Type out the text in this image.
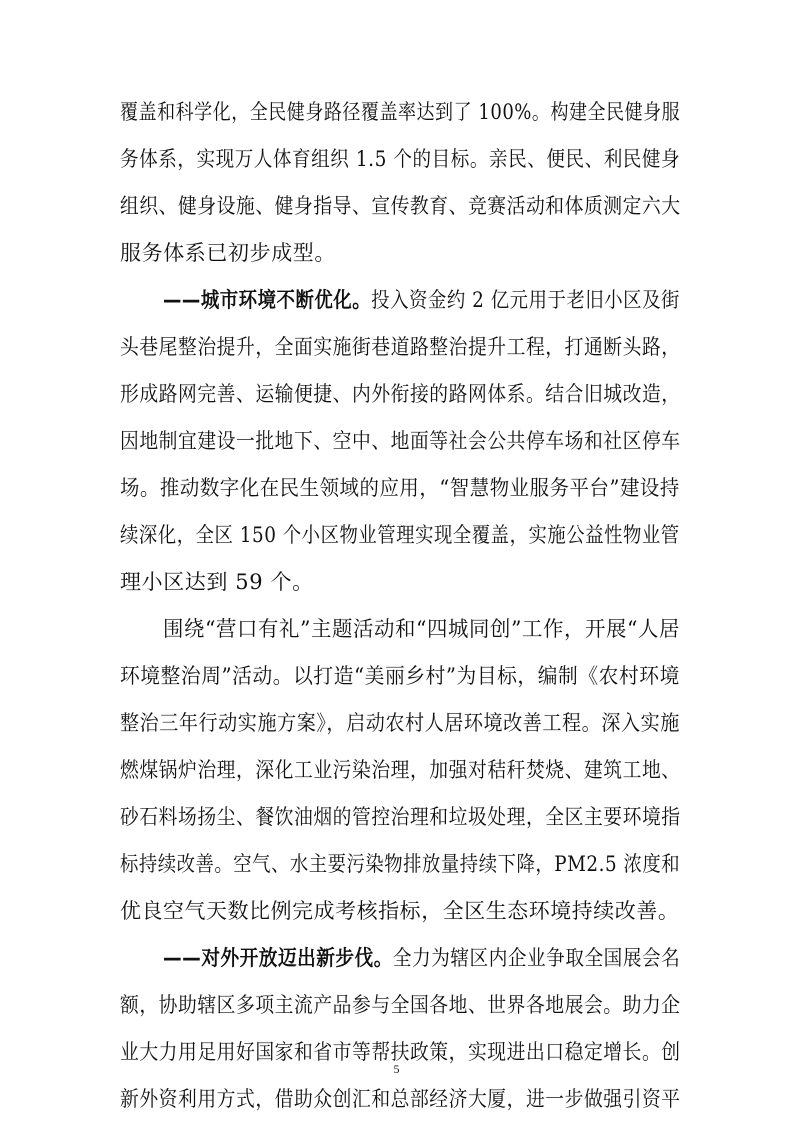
覆盖和科学化，全民健身路径覆盖率达到了 100%。构建全民健身服
务体系，实现万人体育组织 1.5 个的目标。亲民、便民、利民健身
组织、健身设施、健身指导、宣传教育、竞赛活动和体质测定六大
服务体系已初步成型。
——城市环境不断优化。投入资金约 2 亿元用于老旧小区及街
头巷尾整治提升，全面实施街巷道路整治提升工程，打通断头路，
形成路网完善、运输便捷、内外衔接的路网体系。结合旧城改造，
因地制宜建设一批地下、空中、地面等社会公共停车场和社区停车
场。推动数字化在民生领域的应用，“智慧物业服务平台”建设持
续深化，全区 150 个小区物业管理实现全覆盖，实施公益性物业管
理小区达到 59 个。
围绕“营口有礼”主题活动和“四城同创”工作，开展“人居
环境整治周”活动。以打造“美丽乡村”为目标，编制《农村环境
整治三年行动实施方案》，启动农村人居环境改善工程。深入实施
燃煤锅炉治理，深化工业污染治理，加强对秸秆焚烧、建筑工地、
砂石料场扬尘、餐饮油烟的管控治理和垃圾处理，全区主要环境指
标持续改善。空气、水主要污染物排放量持续下降，PM2.5 浓度和
优良空气天数比例完成考核指标，全区生态环境持续改善。
——对外开放迈出新步伐。全力为辖区内企业争取全国展会名
额，协助辖区多项主流产品参与全国各地、世界各地展会。助力企
业大力用足用好国家和省市等帮扶政策，实现进出口稳定增长。创
新外资利用方式，借助众创汇和总部经济大厦，进一步做强引资平
5
